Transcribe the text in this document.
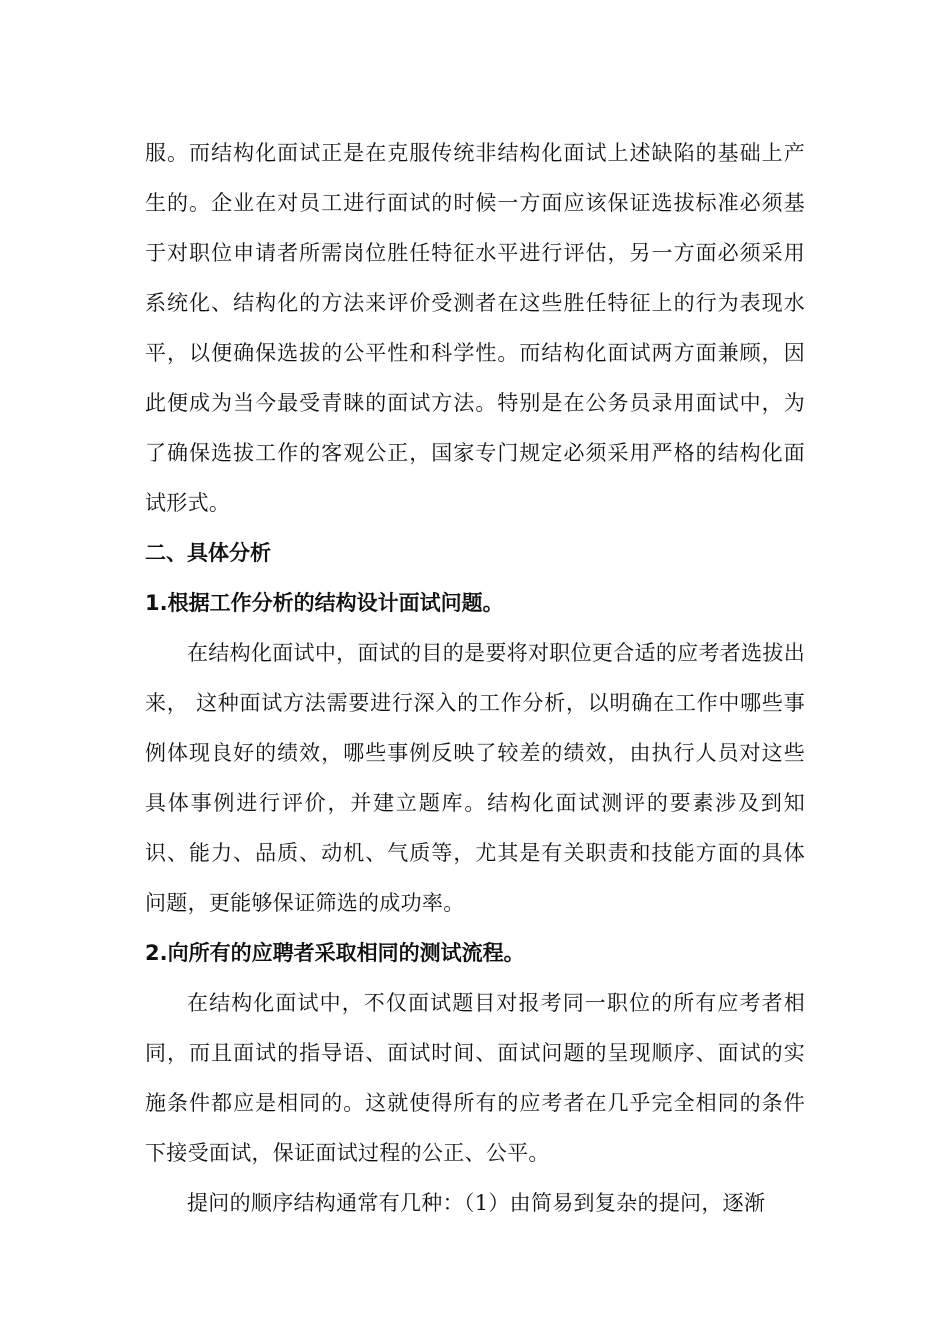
服。而结构化面试正是在克服传统非结构化面试上述缺陷的基础上产生的。企业在对员工进行面试的时候一方面应该保证选拔标准必须基于对职位申请者所需岗位胜任特征水平进行评估，另一方面必须采用系统化、结构化的方法来评价受测者在这些胜任特征上的行为表现水平，以便确保选拔的公平性和科学性。而结构化面试两方面兼顾，因此便成为当今最受青睐的面试方法。特别是在公务员录用面试中，为了确保选拔工作的客观公正，国家专门规定必须采用严格的结构化面试形式。

二、具体分析

1.根据工作分析的结构设计面试问题。

在结构化面试中，面试的目的是要将对职位更合适的应考者选拔出来， 这种面试方法需要进行深入的工作分析，以明确在工作中哪些事例体现良好的绩效，哪些事例反映了较差的绩效，由执行人员对这些具体事例进行评价，并建立题库。结构化面试测评的要素涉及到知识、能力、品质、动机、气质等，尤其是有关职责和技能方面的具体问题，更能够保证筛选的成功率。

2.向所有的应聘者采取相同的测试流程。

在结构化面试中，不仅面试题目对报考同一职位的所有应考者相同，而且面试的指导语、面试时间、面试问题的呈现顺序、面试的实施条件都应是相同的。这就使得所有的应考者在几乎完全相同的条件下接受面试，保证面试过程的公正、公平。

提问的顺序结构通常有几种：（1）由简易到复杂的提问，逐渐
